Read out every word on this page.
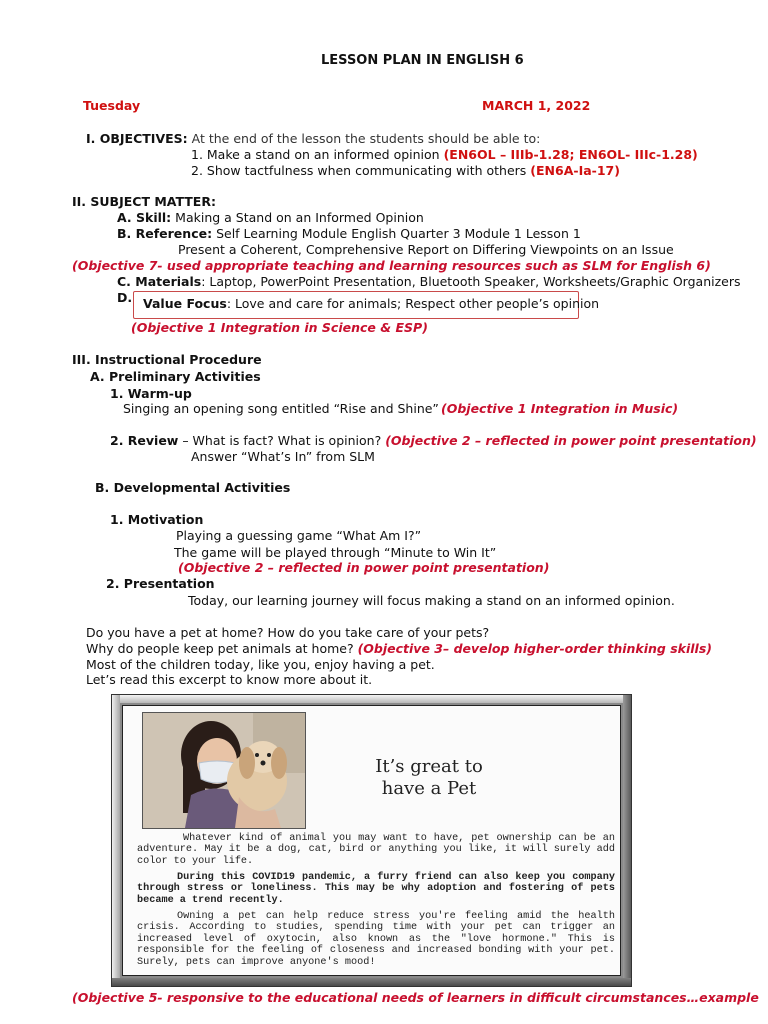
LESSON PLAN IN ENGLISH 6
Tuesday	MARCH 1, 2022
I. OBJECTIVES: At the end of the lesson the students should be able to:
1. Make a stand on an informed opinion (EN6OL – IIIb-1.28; EN6OL- IIIc-1.28)
2. Show tactfulness when communicating with others (EN6A-Ia-17)
II. SUBJECT MATTER:
A. Skill: Making a Stand on an Informed Opinion
B. Reference: Self Learning Module English Quarter 3 Module 1 Lesson 1
Present a Coherent, Comprehensive Report on Differing Viewpoints on an Issue
(Objective 7- used appropriate teaching and learning resources such as SLM for English 6)
C. Materials: Laptop, PowerPoint Presentation, Bluetooth Speaker, Worksheets/Graphic Organizers
D. Value Focus: Love and care for animals; Respect other people’s opinion
(Objective 1 Integration in Science & ESP)
III. Instructional Procedure
A. Preliminary Activities
1. Warm-up
Singing an opening song entitled “Rise and Shine” (Objective 1 Integration in Music)
2. Review – What is fact? What is opinion? (Objective 2 – reflected in power point presentation)
Answer “What’s In” from SLM
B. Developmental Activities
1. Motivation
Playing a guessing game “What Am I?”
The game will be played through “Minute to Win It”
(Objective 2 – reflected in power point presentation)
2. Presentation
Today, our learning journey will focus making a stand on an informed opinion.
Do you have a pet at home? How do you take care of your pets?
Why do people keep pet animals at home? (Objective 3– develop higher-order thinking skills)
Most of the children today, like you, enjoy having a pet.
Let’s read this excerpt to know more about it.
It’s great to
have a Pet
Whatever kind of animal you may want to have, pet ownership can be an adventure. May it be a dog, cat, bird or anything you like, it will surely add color to your life.
During this COVID19 pandemic, a furry friend can also keep you company through stress or loneliness. This may be why adoption and fostering of pets became a trend recently.
Owning a pet can help reduce stress you're feeling amid the health crisis. According to studies, spending time with your pet can trigger an increased level of oxytocin, also known as the "love hormone." This is responsible for the feeling of closeness and increased bonding with your pet. Surely, pets can improve anyone's mood!
(Objective 5- responsive to the educational needs of learners in difficult circumstances…example
